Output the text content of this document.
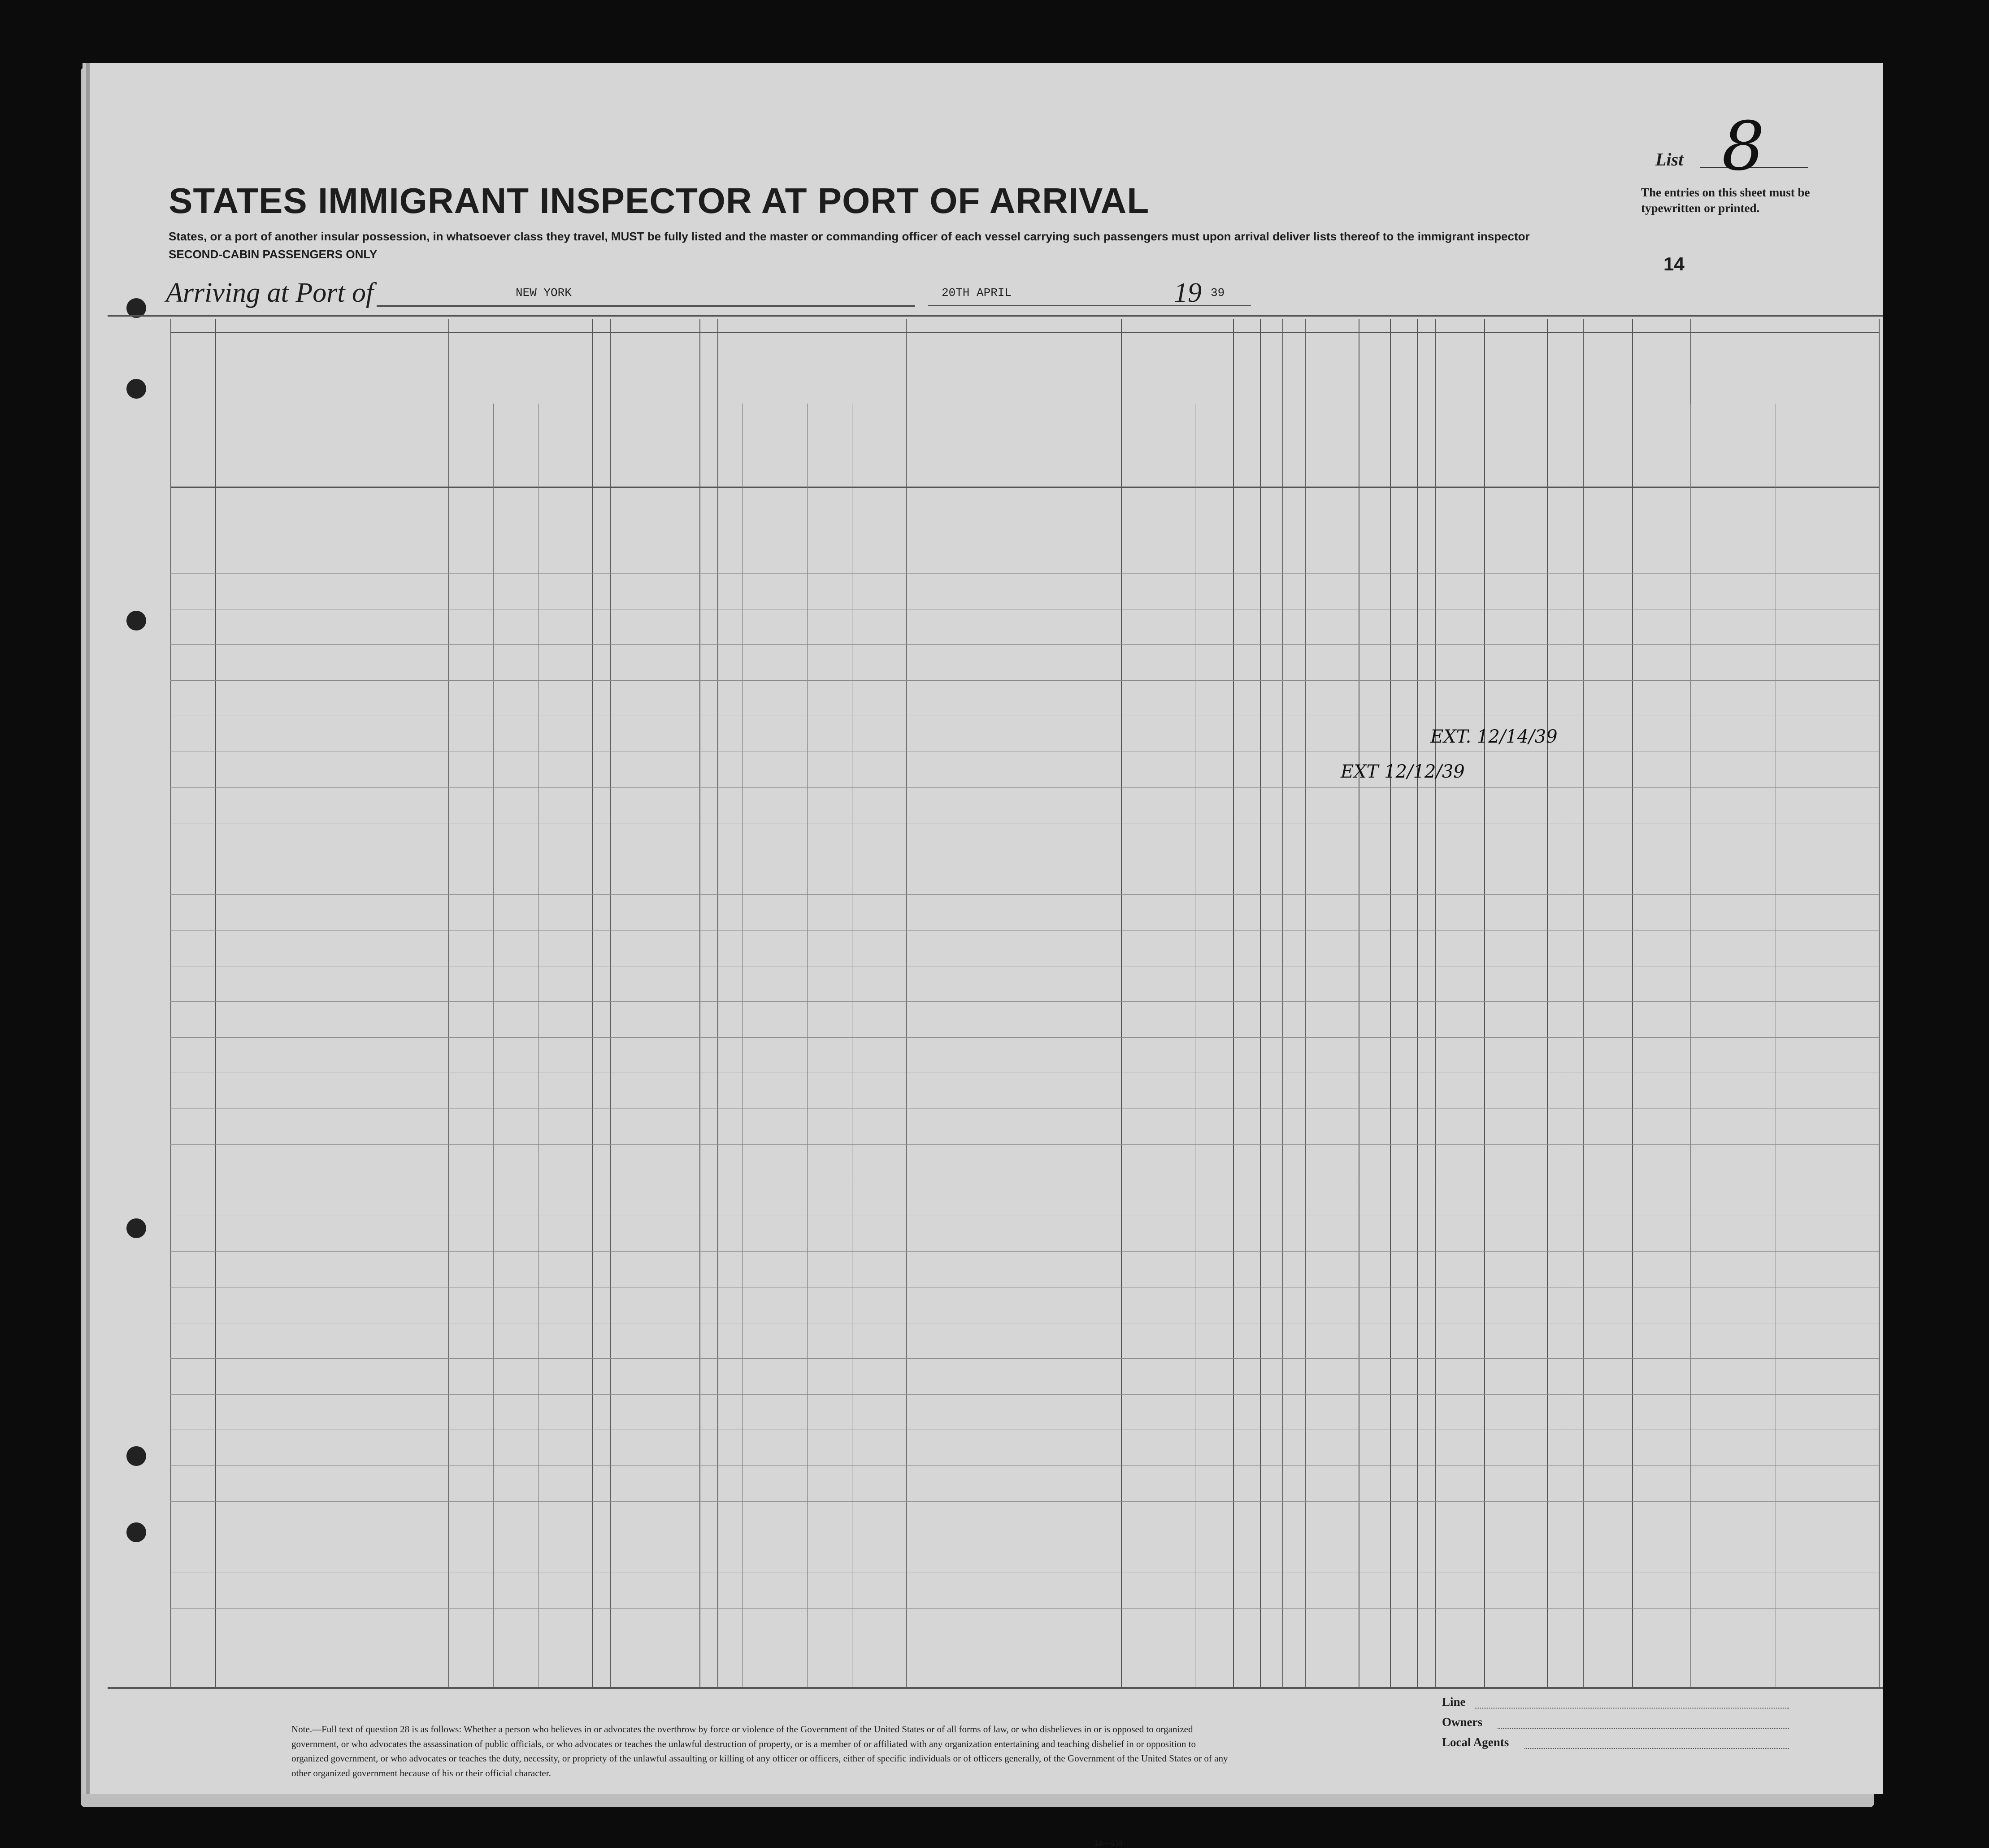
List 8
The entries on this sheet must be typewritten or printed.
STATES IMMIGRANT INSPECTOR AT PORT OF ARRIVAL
States, or a port of another insular possession, in whatsoever class they travel, MUST be fully listed and the master or commanding officer of each vessel carrying such passengers must upon arrival deliver lists thereof to the immigrant inspector
SECOND-CABIN PASSENGERS ONLY	14
Arriving at Port of	NEW YORK	20TH APRIL	19 39
EXT. 12/14/39
EXT 12/12/39
Note.—Full text of question 28 is as follows: Whether a person who believes in or advocates the overthrow by force or violence of the Government of the United States or of all forms of law, or who disbelieves in or is opposed to organized government, or who advocates the assassination of public officials, or who advocates or teaches the unlawful destruction of property, or is a member of or affiliated with any organization entertaining and teaching disbelief in or opposition to organized government, or who advocates or teaches the duty, necessity, or propriety of the unlawful assaulting or killing of any officer or officers, either of specific individuals or of officers generally, of the Government of the United States or of any other organized government because of his or their official character.
14—630
Line
Owners
Local Agents
